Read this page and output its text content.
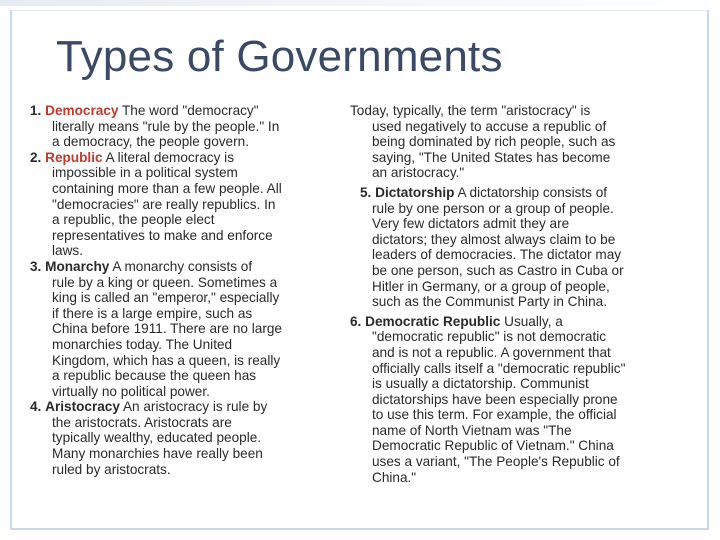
Types of Governments
1. Democracy The word "democracy"
literally means "rule by the people." In
a democracy, the people govern.
2. Republic A literal democracy is
impossible in a political system
containing more than a few people. All
"democracies" are really republics. In
a republic, the people elect
representatives to make and enforce
laws.
3. Monarchy A monarchy consists of
rule by a king or queen. Sometimes a
king is called an "emperor," especially
if there is a large empire, such as
China before 1911. There are no large
monarchies today. The United
Kingdom, which has a queen, is really
a republic because the queen has
virtually no political power.
4. Aristocracy An aristocracy is rule by
the aristocrats. Aristocrats are
typically wealthy, educated people.
Many monarchies have really been
ruled by aristocrats.
Today, typically, the term "aristocracy" is
used negatively to accuse a republic of
being dominated by rich people, such as
saying, "The United States has become
an aristocracy."
5. Dictatorship A dictatorship consists of
rule by one person or a group of people.
Very few dictators admit they are
dictators; they almost always claim to be
leaders of democracies. The dictator may
be one person, such as Castro in Cuba or
Hitler in Germany, or a group of people,
such as the Communist Party in China.
6. Democratic Republic Usually, a
"democratic republic" is not democratic
and is not a republic. A government that
officially calls itself a "democratic republic"
is usually a dictatorship. Communist
dictatorships have been especially prone
to use this term. For example, the official
name of North Vietnam was "The
Democratic Republic of Vietnam." China
uses a variant, "The People's Republic of
China."
